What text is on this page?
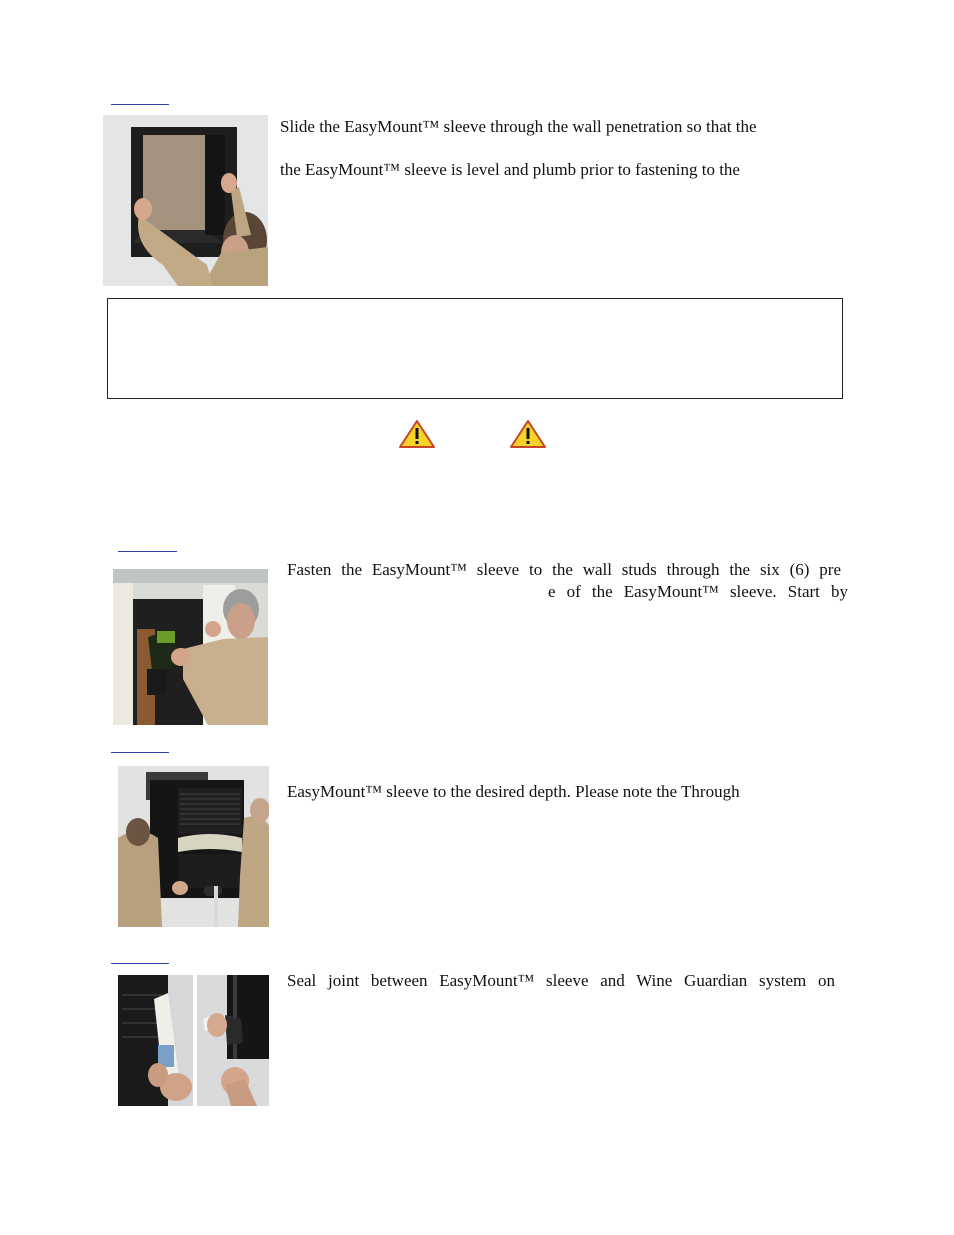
Slide the EasyMount™ sleeve through the wall penetration so that the
the EasyMount™ sleeve is level and plumb prior to fastening to the
Fasten the EasyMount™ sleeve to the wall studs through the six (6) pre
e of the EasyMount™ sleeve. Start by
EasyMount™ sleeve to the desired depth. Please note the Through
Seal joint between EasyMount™ sleeve and Wine Guardian system on
